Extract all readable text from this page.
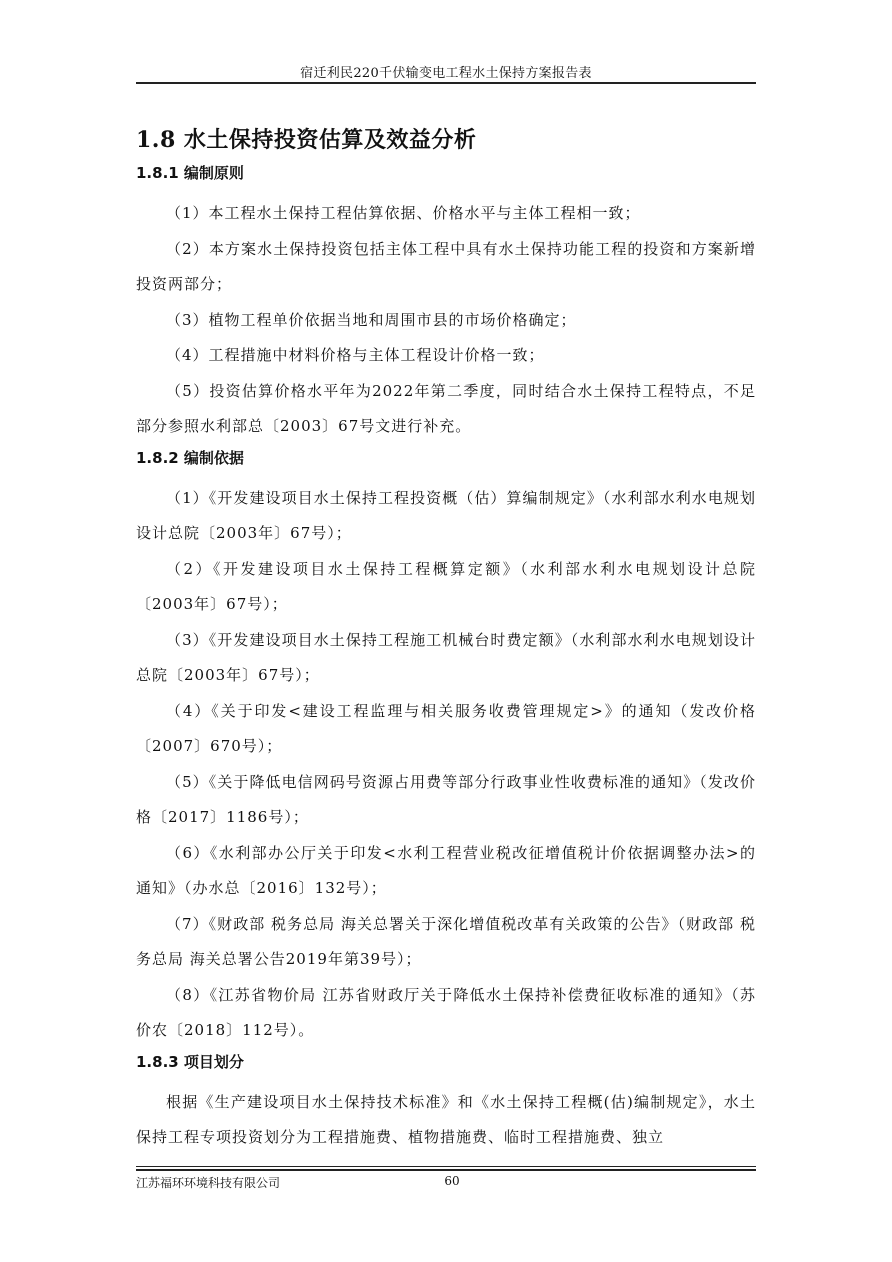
宿迁利民220千伏输变电工程水土保持方案报告表
1.8 水土保持投资估算及效益分析
1.8.1 编制原则

（1）本工程水土保持工程估算依据、价格水平与主体工程相一致；

（2）本方案水土保持投资包括主体工程中具有水土保持功能工程的投资和方案新增投资两部分；

（3）植物工程单价依据当地和周围市县的市场价格确定；

（4）工程措施中材料价格与主体工程设计价格一致；

（5）投资估算价格水平年为2022年第二季度，同时结合水土保持工程特点，不足部分参照水利部总〔2003〕67号文进行补充。

1.8.2 编制依据

（1）《开发建设项目水土保持工程投资概（估）算编制规定》（水利部水利水电规划设计总院〔2003年〕67号）；

（2）《开发建设项目水土保持工程概算定额》（水利部水利水电规划设计总院〔2003年〕67号）；

（3）《开发建设项目水土保持工程施工机械台时费定额》（水利部水利水电规划设计总院〔2003年〕67号）；

（4）《关于印发<建设工程监理与相关服务收费管理规定>》的通知（发改价格〔2007〕670号）；

（5）《关于降低电信网码号资源占用费等部分行政事业性收费标准的通知》（发改价格〔2017〕1186号）；

（6）《水利部办公厅关于印发<水利工程营业税改征增值税计价依据调整办法>的通知》（办水总〔2016〕132号）；

（7）《财政部 税务总局 海关总署关于深化增值税改革有关政策的公告》（财政部 税务总局 海关总署公告2019年第39号）；

（8）《江苏省物价局 江苏省财政厅关于降低水土保持补偿费征收标准的通知》（苏价农〔2018〕112号）。

1.8.3 项目划分

根据《生产建设项目水土保持技术标准》和《水土保持工程概(估)编制规定》，水土保持工程专项投资划分为工程措施费、植物措施费、临时工程措施费、独立

江苏福环环境科技有限公司	60
